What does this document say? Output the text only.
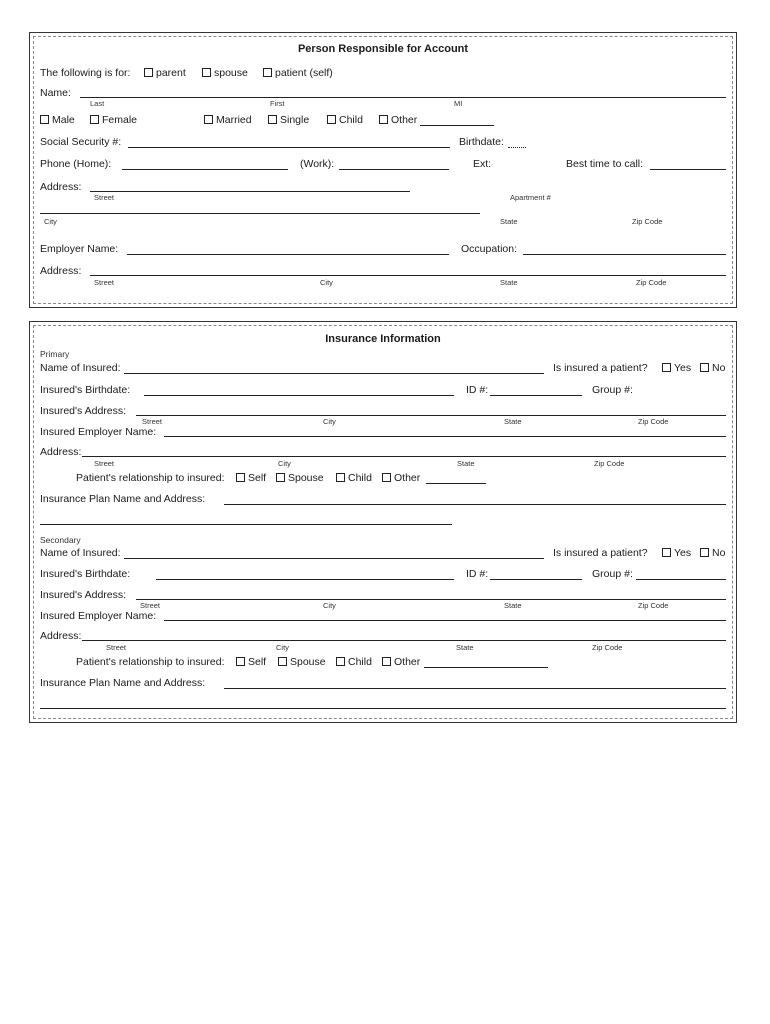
Person Responsible for Account
The following is for:	parent	spouse	patient (self)
Name:
Last	First	MI
Male	Female	Married	Single	Child	Other
Social Security #:	Birthdate:
Phone (Home):	(Work):	Ext:	Best time to call:
Address:
Street	Apartment #
City	State	Zip Code
Employer Name:	Occupation:
Address:
Street	City	State	Zip Code
Insurance Information
Primary
Name of Insured:	Is insured a patient?	Yes	No
Insured's Birthdate:	ID #:	Group #:
Insured's Address:
Street	City	State	Zip Code
Insured Employer Name:
Address:
Street	City	State	Zip Code
Patient's relationship to insured:	Self	Spouse	Child	Other
Insurance Plan Name and Address:
Secondary
Name of Insured:	Is insured a patient?	Yes	No
Insured's Birthdate:	ID #:	Group #:
Insured's Address:
Street	City	State	Zip Code
Insured Employer Name:
Address:
Street	City	State	Zip Code
Patient's relationship to insured:	Self	Spouse	Child	Other
Insurance Plan Name and Address:
